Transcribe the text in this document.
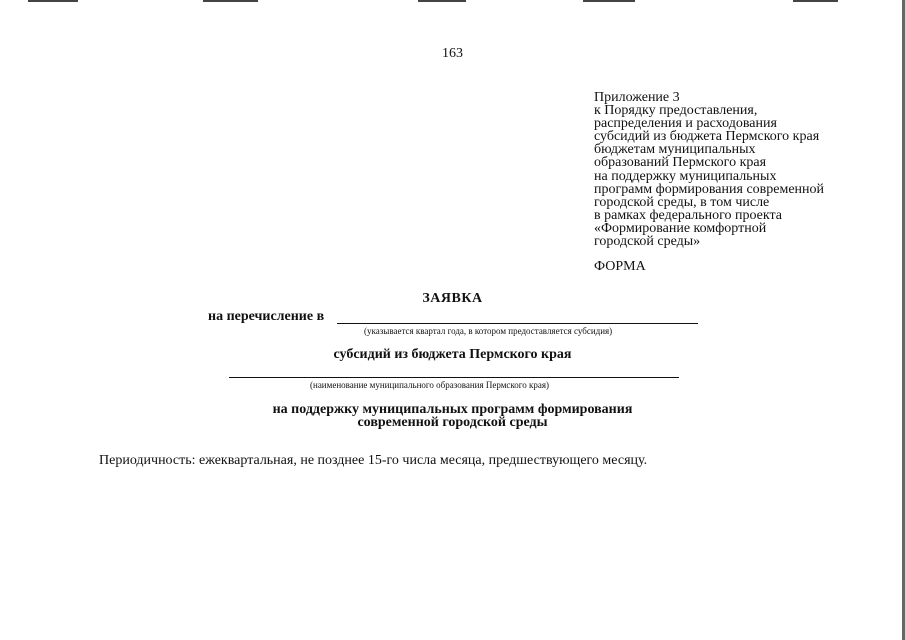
163
Приложение 3
к Порядку предоставления,
распределения и расходования
субсидий из бюджета Пермского края
бюджетам муниципальных
образований Пермского края
на поддержку муниципальных
программ формирования современной
городской среды, в том числе
в рамках федерального проекта
«Формирование комфортной
городской среды»
ФОРМА
ЗАЯВКА
на перечисление в
(указывается квартал года, в котором предоставляется субсидия)
субсидий из бюджета Пермского края
(наименование муниципального образования Пермского края)
на поддержку муниципальных программ формирования
современной городской среды
Периодичность: ежеквартальная, не позднее 15-го числа месяца, предшествующего месяцу.
